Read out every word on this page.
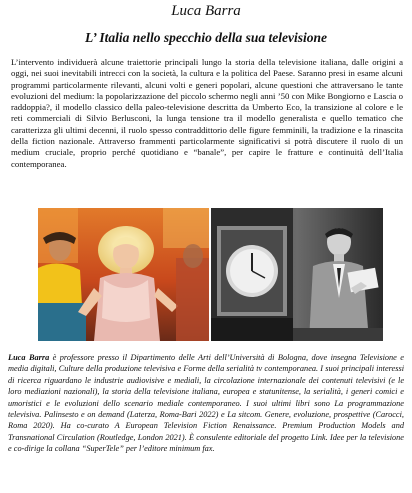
Luca Barra
L’ Italia nello specchio della sua televisione

L’intervento individuerà alcune traiettorie principali lungo la storia della televisione italiana, dalle origini a oggi, nei suoi inevitabili intrecci con la società, la cultura e la politica del Paese. Saranno presi in esame alcuni programmi particolarmente rilevanti, alcuni volti e generi popolari, alcune questioni che attraversano le tante evoluzioni del medium: la popolarizzazione del piccolo schermo negli anni ’50 con Mike Bongiorno e Lascia o raddoppia?, il modello classico della paleo-televisione descritta da Umberto Eco, la transizione al colore e le reti commerciali di Silvio Berlusconi, la lunga tensione tra il modello generalista e quello tematico che caratterizza gli ultimi decenni, il ruolo spesso contraddittorio delle figure femminili, la tradizione e la rinascita della fiction nazionale. Attraverso frammenti particolarmente significativi si potrà discutere il ruolo di un medium cruciale, proprio perché quotidiano e “banale”, per capire le fratture e continuità dell’Italia contemporanea.

Luca Barra è professore presso il Dipartimento delle Arti dell’Università di Bologna, dove insegna Televisione e media digitali, Culture della produzione televisiva e Forme della serialità tv contemporanea. I suoi principali interessi di ricerca riguardano le industrie audiovisive e mediali, la circolazione internazionale dei contenuti televisivi (e le loro mediazioni nazionali), la storia della televisione italiana, europea e statunitense, la serialità, i generi comici e umoristici e le evoluzioni dello scenario mediale contemporaneo. I suoi ultimi libri sono La programmazione televisiva. Palinsesto e on demand (Laterza, Roma-Bari 2022) e La sitcom. Genere, evoluzione, prospettive (Carocci, Roma 2020). Ha co-curato A European Television Fiction Renaissance. Premium Production Models and Transnational Circulation (Routledge, London 2021). È consulente editoriale del progetto Link. Idee per la televisione e co-dirige la collana “SuperTele” per l’editore minimum fax.
